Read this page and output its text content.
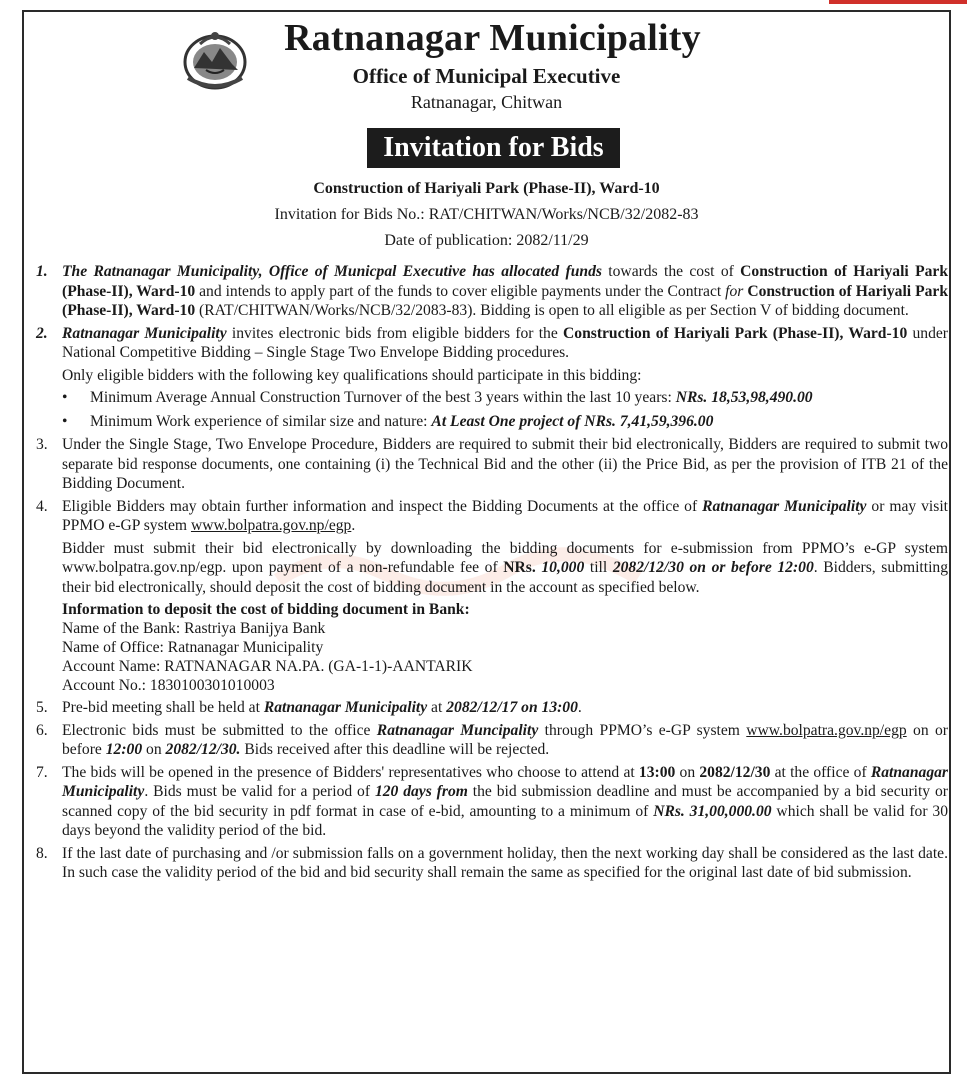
Ratnanagar Municipality
Office of Municipal Executive
Ratnanagar, Chitwan
Invitation for Bids
Construction of Hariyali Park (Phase-II), Ward-10
Invitation for Bids No.: RAT/CHITWAN/Works/NCB/32/2082-83
Date of publication: 2082/11/29
1. The Ratnanagar Municipality, Office of Municpal Executive has allocated funds towards the cost of Construction of Hariyali Park (Phase-II), Ward-10 and intends to apply part of the funds to cover eligible payments under the Contract for Construction of Hariyali Park (Phase-II), Ward-10 (RAT/CHITWAN/Works/NCB/32/2083-83). Bidding is open to all eligible as per Section V of bidding document.
2. Ratnanagar Municipality invites electronic bids from eligible bidders for the Construction of Hariyali Park (Phase-II), Ward-10 under National Competitive Bidding – Single Stage Two Envelope Bidding procedures.
Only eligible bidders with the following key qualifications should participate in this bidding:
•	Minimum Average Annual Construction Turnover of the best 3 years within the last 10 years: NRs. 18,53,98,490.00
•	Minimum Work experience of similar size and nature: At Least One project of NRs. 7,41,59,396.00
3. Under the Single Stage, Two Envelope Procedure, Bidders are required to submit their bid electronically, Bidders are required to submit two separate bid response documents, one containing (i) the Technical Bid and the other (ii) the Price Bid, as per the provision of ITB 21 of the Bidding Document.
4. Eligible Bidders may obtain further information and inspect the Bidding Documents at the office of Ratnanagar Municipality or may visit PPMO e-GP system www.bolpatra.gov.np/egp.
Bidder must submit their bid electronically by downloading the bidding documents for e-submission from PPMO’s e-GP system www.bolpatra.gov.np/egp. upon payment of a non-refundable fee of NRs. 10,000 till 2082/12/30 on or before 12:00. Bidders, submitting their bid electronically, should deposit the cost of bidding document in the account as specified below.
Information to deposit the cost of bidding document in Bank:
Name of the Bank: Rastriya Banijya Bank
Name of Office: Ratnanagar Municipality
Account Name: RATNANAGAR NA.PA. (GA-1-1)-AANTARIK
Account No.: 1830100301010003
5. Pre-bid meeting shall be held at Ratnanagar Municipality at 2082/12/17 on 13:00.
6. Electronic bids must be submitted to the office Ratnanagar Muncipality through PPMO’s e-GP system www.bolpatra.gov.np/egp on or before 12:00 on 2082/12/30. Bids received after this deadline will be rejected.
7. The bids will be opened in the presence of Bidders' representatives who choose to attend at 13:00 on 2082/12/30 at the office of Ratnanagar Municipality. Bids must be valid for a period of 120 days from the bid submission deadline and must be accompanied by a bid security or scanned copy of the bid security in pdf format in case of e-bid, amounting to a minimum of NRs. 31,00,000.00 which shall be valid for 30 days beyond the validity period of the bid.
8. If the last date of purchasing and /or submission falls on a government holiday, then the next working day shall be considered as the last date. In such case the validity period of the bid and bid security shall remain the same as specified for the original last date of bid submission.
